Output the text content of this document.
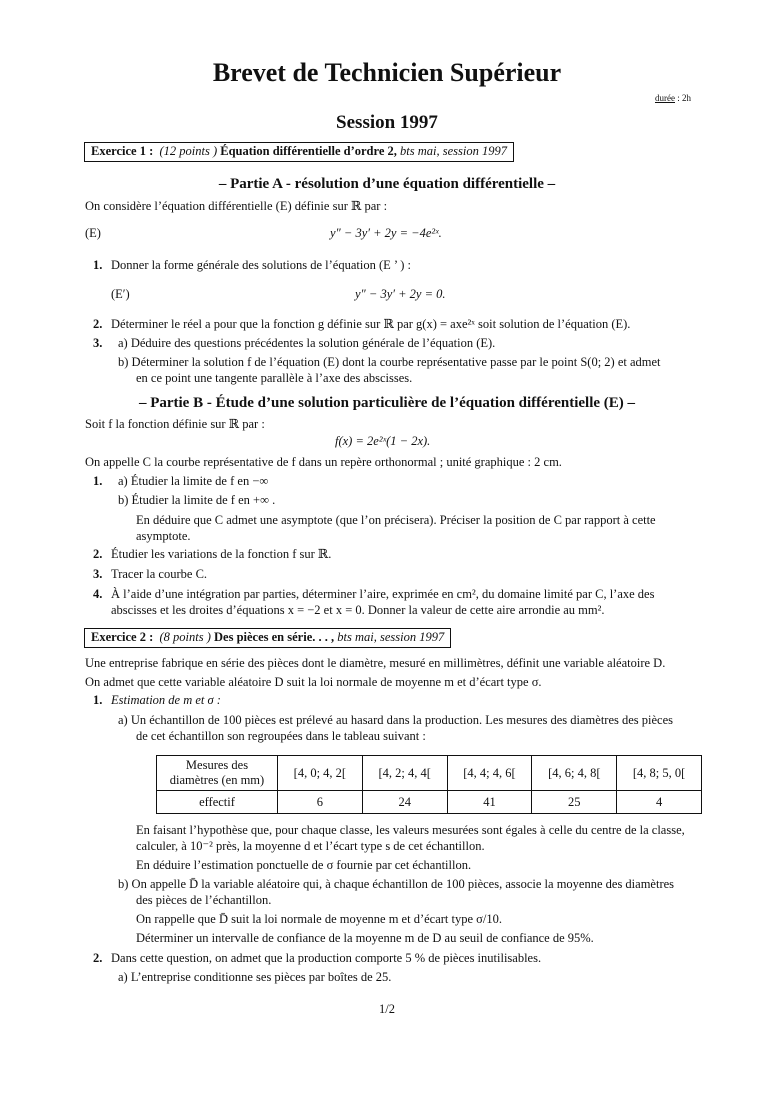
Brevet de Technicien Supérieur
durée : 2h
Session 1997
Exercice 1 : (12 points ) Équation différentielle d’ordre 2, bts mai, session 1997
– Partie A - résolution d’une équation différentielle –
On considère l’équation différentielle (E) définie sur ℝ par :
(E)	y″ − 3y′ + 2y = −4e²ˣ.
1. Donner la forme générale des solutions de l’équation (E ’ ) :
(E′)	y″ − 3y′ + 2y = 0.
2. Déterminer le réel a pour que la fonction g définie sur ℝ par g(x) = axe²ˣ soit solution de l’équation (E).
3. a) Déduire des questions précédentes la solution générale de l’équation (E).
b) Déterminer la solution f de l’équation (E) dont la courbe représentative passe par le point S(0; 2) et admet
en ce point une tangente parallèle à l’axe des abscisses.
– Partie B - Étude d’une solution particulière de l’équation différentielle (E) –
Soit f la fonction définie sur ℝ par :
f(x) = 2e²ˣ(1 − 2x).
On appelle C la courbe représentative de f dans un repère orthonormal ; unité graphique : 2 cm.
1. a) Étudier la limite de f en −∞
b) Étudier la limite de f en +∞ .
En déduire que C admet une asymptote (que l’on précisera). Préciser la position de C par rapport à cette
asymptote.
2. Étudier les variations de la fonction f sur ℝ.
3. Tracer la courbe C.
4. À l’aide d’une intégration par parties, déterminer l’aire, exprimée en cm², du domaine limité par C, l’axe des
abscisses et les droites d’équations x = −2 et x = 0. Donner la valeur de cette aire arrondie au mm².
Exercice 2 : (8 points ) Des pièces en série. . . , bts mai, session 1997
Une entreprise fabrique en série des pièces dont le diamètre, mesuré en millimètres, définit une variable aléatoire D.
On admet que cette variable aléatoire D suit la loi normale de moyenne m et d’écart type σ.
1. Estimation de m et σ :
a) Un échantillon de 100 pièces est prélevé au hasard dans la production. Les mesures des diamètres des pièces
de cet échantillon son regroupées dans le tableau suivant :
Mesures des
diamètres (en mm)	[4, 0; 4, 2[	[4, 2; 4, 4[	[4, 4; 4, 6[	[4, 6; 4, 8[	[4, 8; 5, 0[
effectif	6	24	41	25	4
En faisant l’hypothèse que, pour chaque classe, les valeurs mesurées sont égales à celle du centre de la classe,
calculer, à 10⁻² près, la moyenne d et l’écart type s de cet échantillon.
En déduire l’estimation ponctuelle de σ fournie par cet échantillon.
b) On appelle D̄ la variable aléatoire qui, à chaque échantillon de 100 pièces, associe la moyenne des diamètres
des pièces de l’échantillon.
On rappelle que D̄ suit la loi normale de moyenne m et d’écart type σ/10.
Déterminer un intervalle de confiance de la moyenne m de D au seuil de confiance de 95%.
2. Dans cette question, on admet que la production comporte 5 % de pièces inutilisables.
a) L’entreprise conditionne ses pièces par boîtes de 25.
1/2
